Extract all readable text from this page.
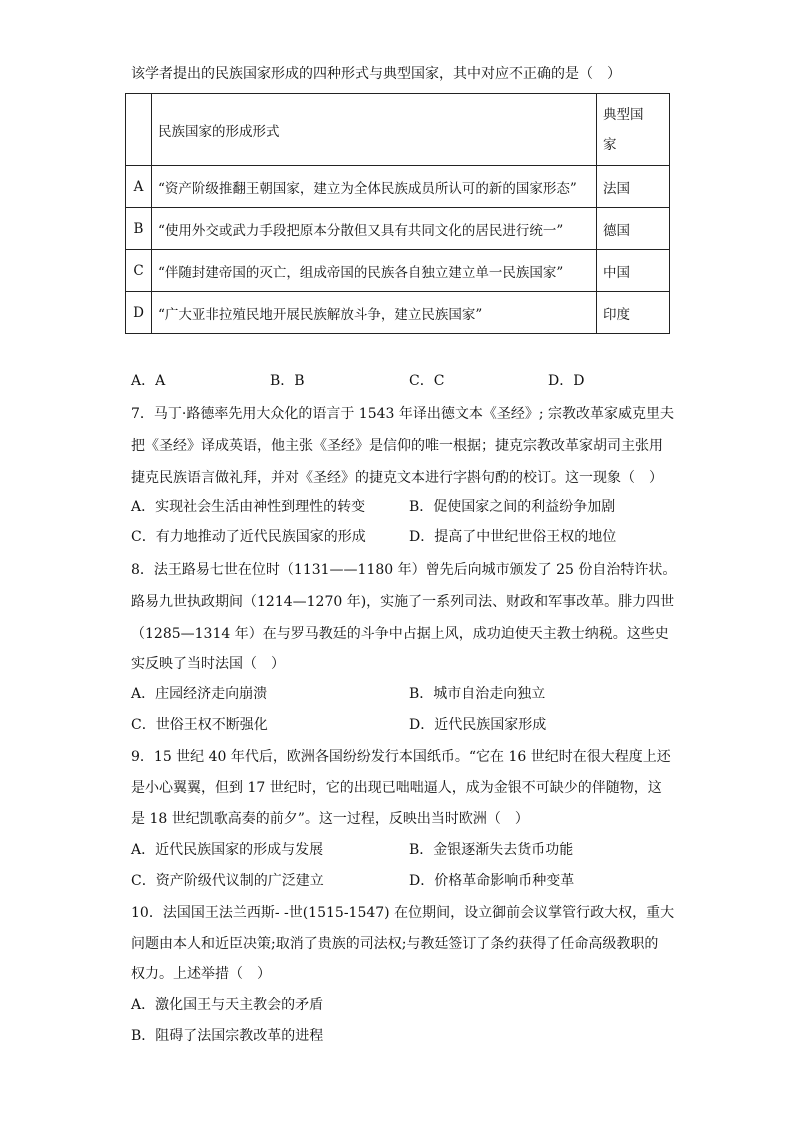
该学者提出的民族国家形成的四种形式与典型国家，其中对应不正确的是（　）
	民族国家的形成形式	典型国
家

A	“资产阶级推翻王朝国家，建立为全体民族成员所认可的新的国家形态”	法国
B	“使用外交或武力手段把原本分散但又具有共同文化的居民进行统一”	德国
C	“伴随封建帝国的灭亡，组成帝国的民族各自独立建立单一民族国家”	中国
D	“广大亚非拉殖民地开展民族解放斗争，建立民族国家”	印度
A．A	B．B	C．C	D．D
7．马丁·路德率先用大众化的语言于 1543 年译出德文本《圣经》; 宗教改革家威克里夫
把《圣经》译成英语，他主张《圣经》是信仰的唯一根据；捷克宗教改革家胡司主张用
捷克民族语言做礼拜，并对《圣经》的捷克文本进行字斟句酌的校订。这一现象（　）
A．实现社会生活由神性到理性的转变	B．促使国家之间的利益纷争加剧
C．有力地推动了近代民族国家的形成	D．提高了中世纪世俗王权的地位
8．法王路易七世在位时（1131——1180 年）曾先后向城市颁发了 25 份自治特许状。
路易九世执政期间（1214—1270 年)，实施了一系列司法、财政和军事改革。腓力四世
（1285—1314 年）在与罗马教廷的斗争中占据上风，成功迫使天主教士纳税。这些史
实反映了当时法国（　）
A．庄园经济走向崩溃	B．城市自治走向独立
C．世俗王权不断强化	D．近代民族国家形成
9．15 世纪 40 年代后，欧洲各国纷纷发行本国纸币。“它在 16 世纪时在很大程度上还
是小心翼翼，但到 17 世纪时，它的出现已咄咄逼人，成为金银不可缺少的伴随物，这
是 18 世纪凯歌高奏的前夕”。这一过程，反映出当时欧洲（　）
A．近代民族国家的形成与发展	B．金银逐渐失去货币功能
C．资产阶级代议制的广泛建立	D．价格革命影响币种变革
10．法国国王法兰西斯- -世(1515-1547) 在位期间，设立御前会议掌管行政大权，重大
问题由本人和近臣决策;取消了贵族的司法权;与教廷签订了条约获得了任命高级教职的
权力。上述举措（　）
A．激化国王与天主教会的矛盾
B．阻碍了法国宗教改革的进程
